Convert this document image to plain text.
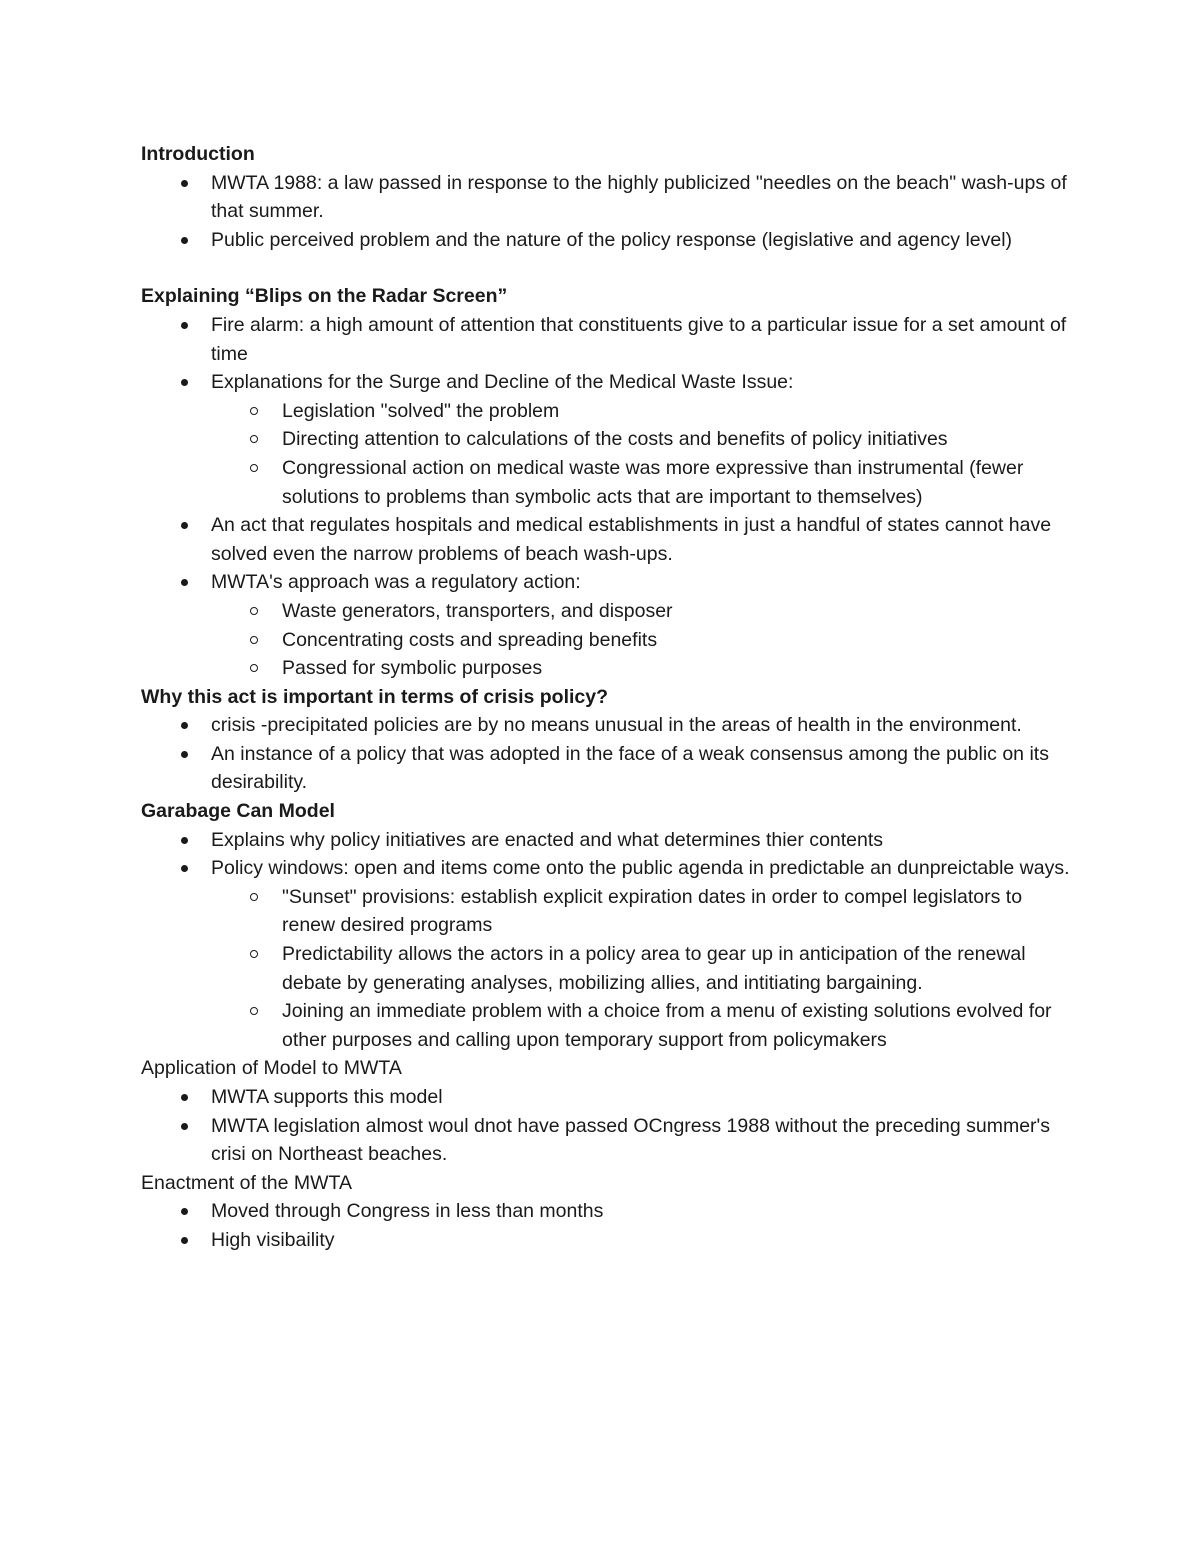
Introduction
MWTA 1988: a law passed in response to the highly publicized "needles on the beach" wash-ups of that summer.
Public perceived problem and the nature of the policy response (legislative and agency level)
Explaining “Blips on the Radar Screen”
Fire alarm: a high amount of attention that constituents give to a particular issue for a set amount of time
Explanations for the Surge and Decline of the Medical Waste Issue:
Legislation "solved" the problem
Directing attention to calculations of the costs and benefits of policy initiatives
Congressional action on medical waste was more expressive than instrumental (fewer solutions to problems than symbolic acts that are important to themselves)
An act that regulates hospitals and medical establishments in just a handful of states cannot have solved even the narrow problems of beach wash-ups.
MWTA's approach was a regulatory action:
Waste generators, transporters, and disposer
Concentrating costs and spreading benefits
Passed for symbolic purposes
Why this act is important in terms of crisis policy?
crisis -precipitated policies are by no means unusual in the areas of health in the environment.
An instance of a policy that was adopted in the face of a weak consensus among the public on its desirability.
Garabage Can Model
Explains why policy initiatives are enacted and what determines thier contents
Policy windows: open and items come onto the public agenda in predictable an dunpreictable ways.
"Sunset" provisions: establish explicit expiration dates in order to compel legislators to renew desired programs
Predictability allows the actors in a policy area to gear up in anticipation of the renewal debate by generating analyses, mobilizing allies, and intitiating bargaining.
Joining an immediate problem with a choice from a menu of existing solutions evolved for other purposes and calling upon temporary support from policymakers
Application of Model to MWTA
MWTA supports this model
MWTA legislation almost woul dnot have passed OCngress 1988 without the preceding summer's crisi on Northeast beaches.
Enactment of the MWTA
Moved through Congress in less than months
High visibaility
